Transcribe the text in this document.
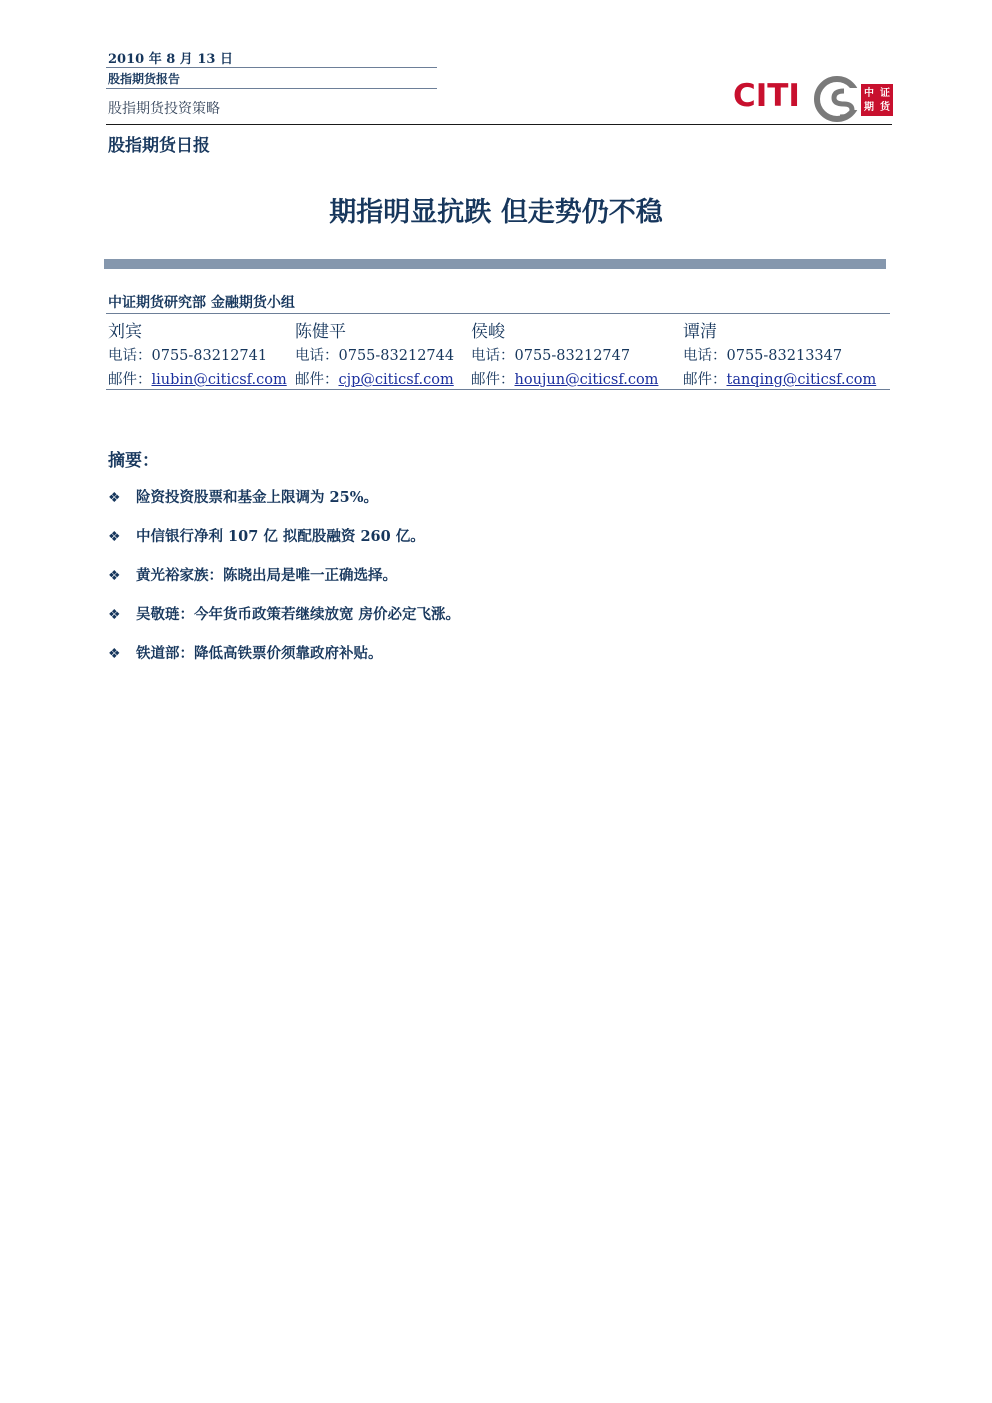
2010 年 8 月 13 日
股指期货报告
股指期货投资策略
股指期货日报
CITI	中 证
期 货
期指明显抗跌 但走势仍不稳
中证期货研究部 金融期货小组
刘宾
电话：0755-83212741
邮件：liubin@citicsf.com
陈健平
电话：0755-83212744
邮件：cjp@citicsf.com
侯峻
电话：0755-83212747
邮件：houjun@citicsf.com
谭清
电话：0755-83213347
邮件：tanqing@citicsf.com
摘要：
❖	险资投资股票和基金上限调为 25%。
❖	中信银行净利 107 亿 拟配股融资 260 亿。
❖	黄光裕家族：陈晓出局是唯一正确选择。
❖	吴敬琏：今年货币政策若继续放宽 房价必定飞涨。
❖	铁道部：降低高铁票价须靠政府补贴。
